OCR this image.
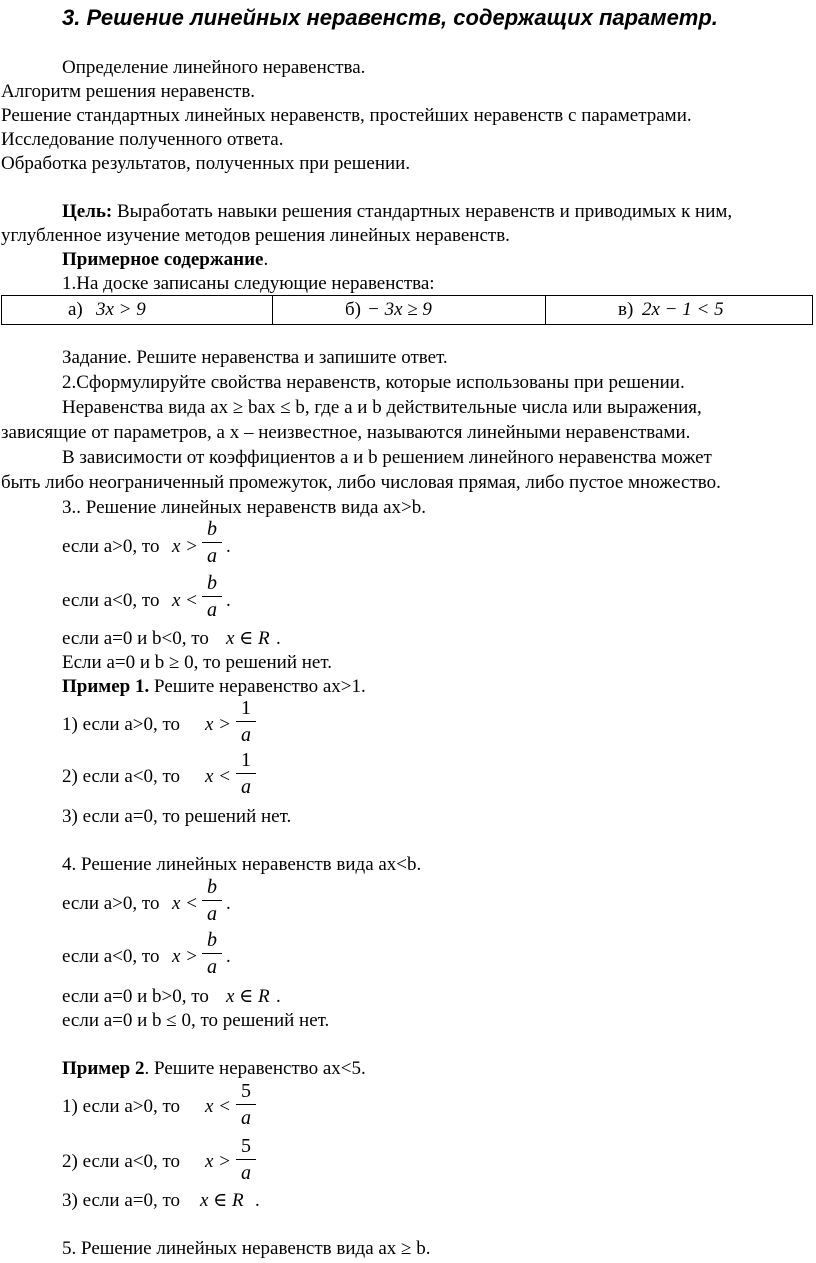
3. Решение линейных неравенств, содержащих параметр.
Определение линейного неравенства.
Алгоритм решения неравенств.
Решение стандартных линейных неравенств, простейших неравенств с параметрами.
Исследование полученного ответа.
Обработка результатов, полученных при решении.
Цель: Выработать навыки решения стандартных неравенств и приводимых к ним,
углубленное изучение методов решения линейных неравенств.
Примерное содержание.
1.На доске записаны следующие неравенства:
а) 3x > 9	б) − 3x ≥ 9	в) 2x − 1 < 5
Задание. Решите неравенства и запишите ответ.
2.Сформулируйте свойства неравенств, которые использованы при решении.
Неравенства вида ax ≥ bax ≤ b, где а и b действительные числа или выражения,
зависящие от параметров, а х – неизвестное, называются линейными неравенствами.
В зависимости от коэффициентов а и b решением линейного неравенства может
быть либо неограниченный промежуток, либо числовая прямая, либо пустое множество.
3.. Решение линейных неравенств вида ax>b.
если а>0, то x >
b
a .
если а<0, то x <
b
a .
если а=0 и b<0, то x ∈ R .
Если а=0 и b ≥ 0, то решений нет.
Пример 1. Решите неравенство ах>1.
1) если а>0, то x >
1
a
2) если а<0, то x <
1
a
3) если а=0, то решений нет.
4. Решение линейных неравенств вида ax<b.
если а>0, то x <
b
a .
если а<0, то x >
b
a .
если а=0 и b>0, то x ∈ R .
если а=0 и b ≤ 0, то решений нет.
Пример 2. Решите неравенство ах<5.
1) если а>0, то x <
5
a
2) если а<0, то x >
5
a
3) если а=0, то x ∈ R .
5. Решение линейных неравенств вида ax ≥ b.
